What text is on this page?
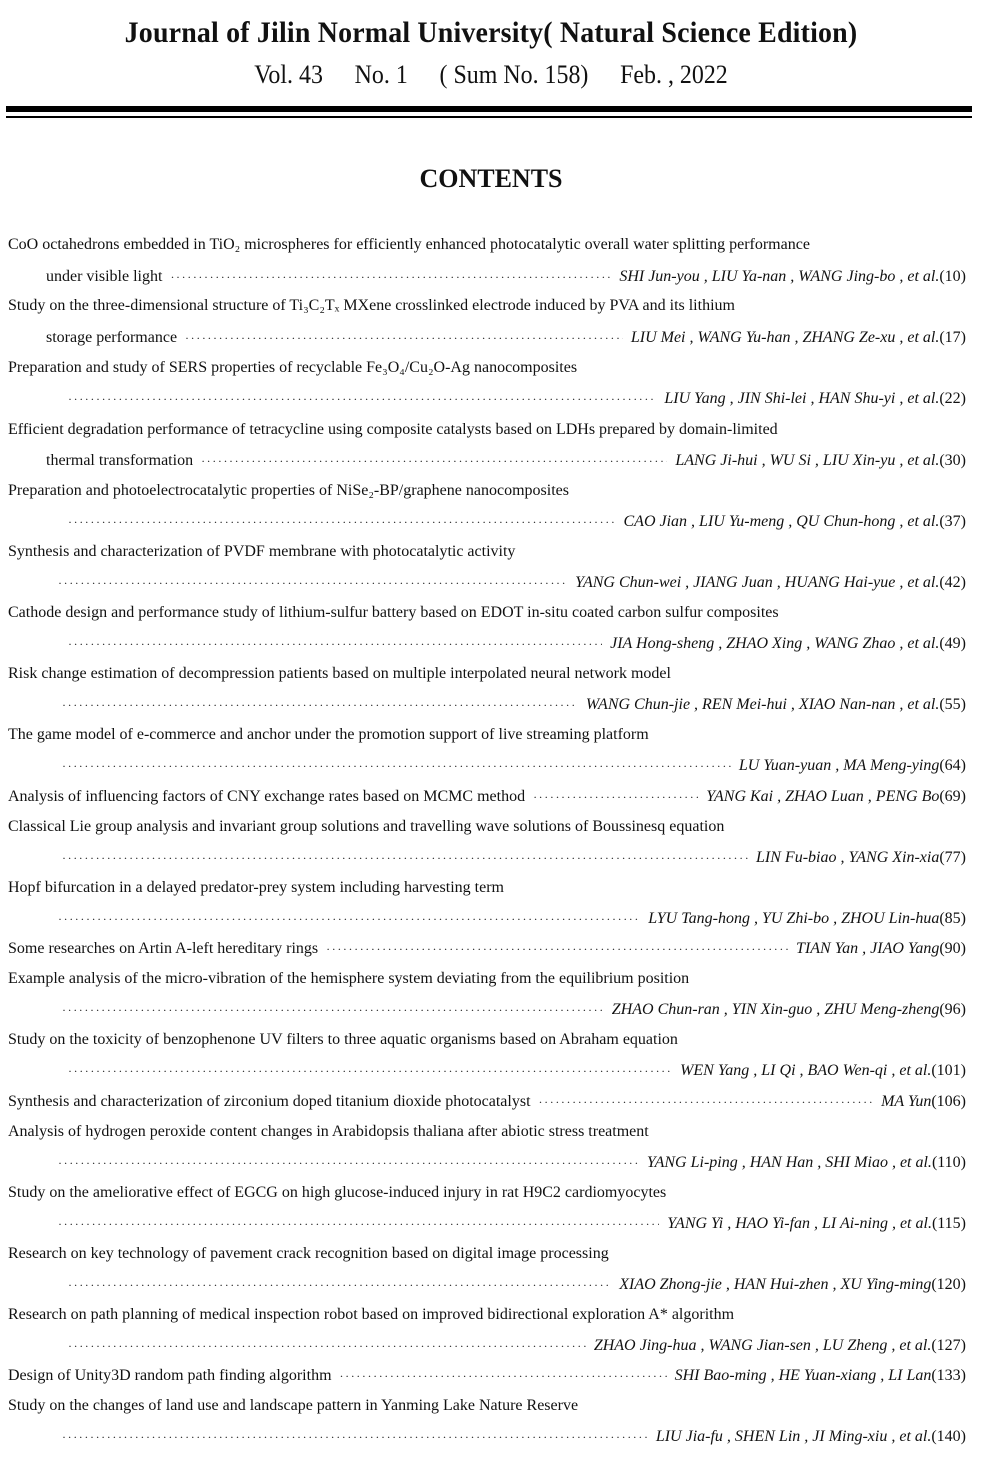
Journal of Jilin Normal University( Natural Science Edition)
Vol. 43 No. 1 ( Sum No. 158) Feb. , 2022
CONTENTS
CoO octahedrons embedded in TiO₂ microspheres for efficiently enhanced photocatalytic overall water splitting performance
under visible light ·····	SHI Jun-you , LIU Ya-nan , WANG Jing-bo , et al. (10)
Study on the three-dimensional structure of Ti₃C₂Tₓ MXene crosslinked electrode induced by PVA and its lithium
storage performance ·····	LIU Mei , WANG Yu-han , ZHANG Ze-xu , et al. (17)
Preparation and study of SERS properties of recyclable Fe₃O₄/Cu₂O-Ag nanocomposites
·····
LIU Yang , JIN Shi-lei , HAN Shu-yi , et al. (22)
Efficient degradation performance of tetracycline using composite catalysts based on LDHs prepared by domain-limited
thermal transformation ·····	LANG Ji-hui , WU Si , LIU Xin-yu , et al. (30)
Preparation and photoelectrocatalytic properties of NiSe₂-BP/graphene nanocomposites
·····
CAO Jian , LIU Yu-meng , QU Chun-hong , et al. (37)
Synthesis and characterization of PVDF membrane with photocatalytic activity
·····
YANG Chun-wei , JIANG Juan , HUANG Hai-yue , et al. (42)
Cathode design and performance study of lithium-sulfur battery based on EDOT in-situ coated carbon sulfur composites
·····
JIA Hong-sheng , ZHAO Xing , WANG Zhao , et al. (49)
Risk change estimation of decompression patients based on multiple interpolated neural network model
·····
WANG Chun-jie , REN Mei-hui , XIAO Nan-nan , et al. (55)
The game model of e-commerce and anchor under the promotion support of live streaming platform
·····
LU Yuan-yuan , MA Meng-ying (64)
Analysis of influencing factors of CNY exchange rates based on MCMC method ·····	YANG Kai , ZHAO Luan , PENG Bo (69)
Classical Lie group analysis and invariant group solutions and travelling wave solutions of Boussinesq equation
·····
LIN Fu-biao , YANG Xin-xia (77)
Hopf bifurcation in a delayed predator-prey system including harvesting term
·····
LYU Tang-hong , YU Zhi-bo , ZHOU Lin-hua (85)
Some researches on Artin A-left hereditary rings ·····	TIAN Yan , JIAO Yang (90)
Example analysis of the micro-vibration of the hemisphere system deviating from the equilibrium position
·····
ZHAO Chun-ran , YIN Xin-guo , ZHU Meng-zheng (96)
Study on the toxicity of benzophenone UV filters to three aquatic organisms based on Abraham equation
·····
WEN Yang , LI Qi , BAO Wen-qi , et al. (101)
Synthesis and characterization of zirconium doped titanium dioxide photocatalyst ·····	MA Yun (106)
Analysis of hydrogen peroxide content changes in Arabidopsis thaliana after abiotic stress treatment
·····
YANG Li-ping , HAN Han , SHI Miao , et al. (110)
Study on the ameliorative effect of EGCG on high glucose-induced injury in rat H9C2 cardiomyocytes
·····
YANG Yi , HAO Yi-fan , LI Ai-ning , et al. (115)
Research on key technology of pavement crack recognition based on digital image processing
·····
XIAO Zhong-jie , HAN Hui-zhen , XU Ying-ming (120)
Research on path planning of medical inspection robot based on improved bidirectional exploration A* algorithm
·····
ZHAO Jing-hua , WANG Jian-sen , LU Zheng , et al. (127)
Design of Unity3D random path finding algorithm ·····	SHI Bao-ming , HE Yuan-xiang , LI Lan (133)
Study on the changes of land use and landscape pattern in Yanming Lake Nature Reserve
·····
LIU Jia-fu , SHEN Lin , JI Ming-xiu , et al. (140)
